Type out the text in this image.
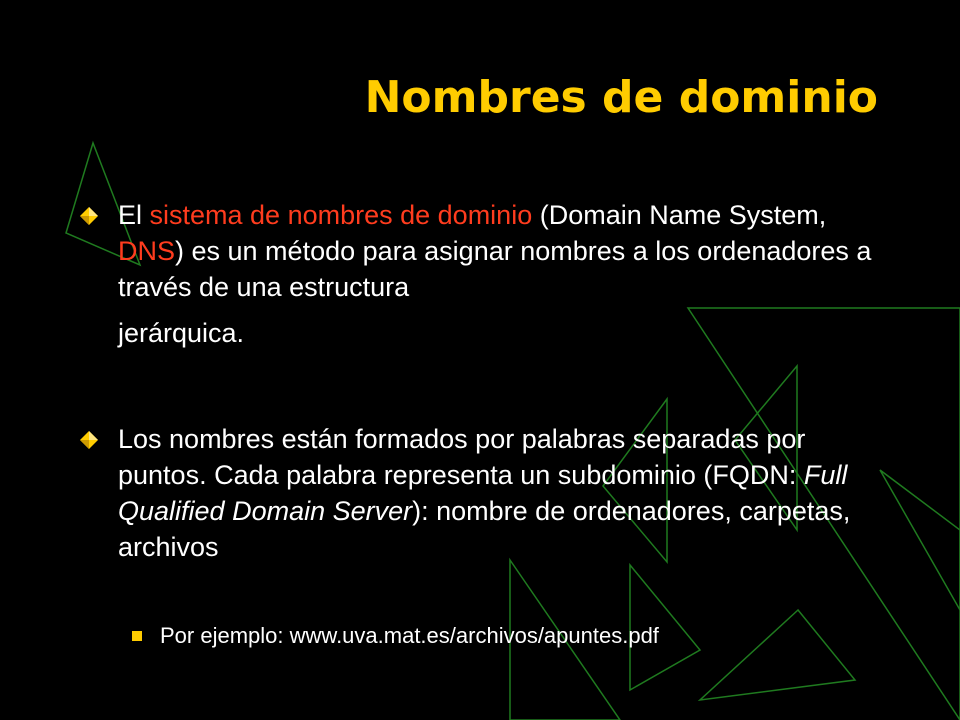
Nombres de dominio
El sistema de nombres de dominio (Domain Name System, DNS) es un método para asignar nombres a los ordenadores a través de una estructura
jerárquica.
Los nombres están formados por palabras separadas por puntos. Cada palabra representa un subdominio (FQDN: Full Qualified Domain Server): nombre de ordenadores, carpetas, archivos
Por ejemplo: www.uva.mat.es/archivos/apuntes.pdf
